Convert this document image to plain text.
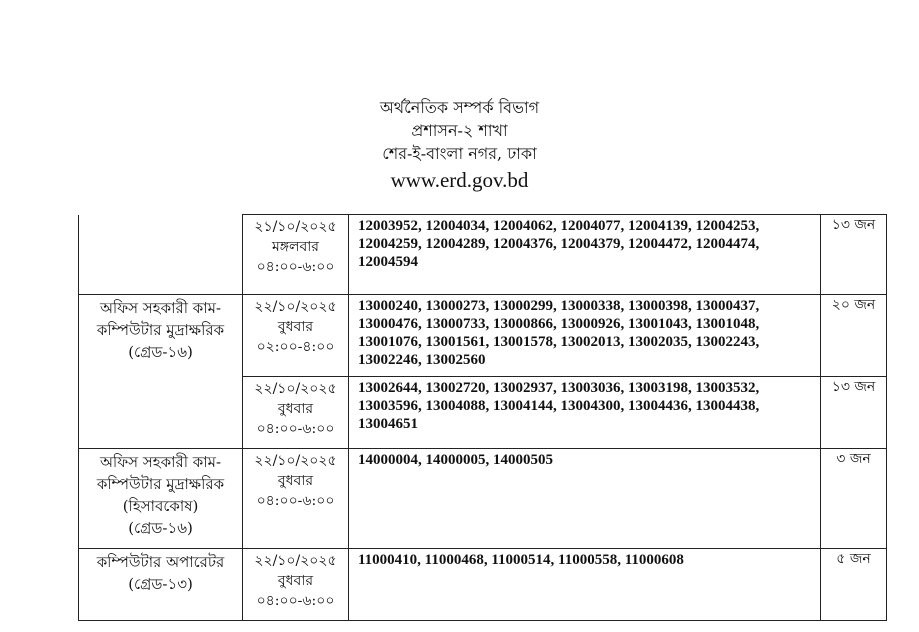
অর্থনৈতিক সম্পর্ক বিভাগ
প্রশাসন-২ শাখা
শের-ই-বাংলা নগর, ঢাকা
www.erd.gov.bd

	২১/১০/২০২৫
মঙ্গলবার
০৪:০০-৬:০০	12003952, 12004034, 12004062, 12004077, 12004139, 12004253, 12004259, 12004289, 12004376, 12004379, 12004472, 12004474, 12004594	১৩ জন

অফিস সহকারী কাম-
কম্পিউটার মুদ্রাক্ষরিক
(গ্রেড-১৬)	২২/১০/২০২৫
বুধবার
০২:০০-৪:০০	13000240, 13000273, 13000299, 13000338, 13000398, 13000437, 13000476, 13000733, 13000866, 13000926, 13001043, 13001048, 13001076, 13001561, 13001578, 13002013, 13002035, 13002243, 13002246, 13002560	২০ জন

	২২/১০/২০২৫
বুধবার
০৪:০০-৬:০০	13002644, 13002720, 13002937, 13003036, 13003198, 13003532, 13003596, 13004088, 13004144, 13004300, 13004436, 13004438, 13004651	১৩ জন

অফিস সহকারী কাম-
কম্পিউটার মুদ্রাক্ষরিক
(হিসাবকোষ)
(গ্রেড-১৬)	২২/১০/২০২৫
বুধবার
০৪:০০-৬:০০	14000004, 14000005, 14000505	৩ জন

কম্পিউটার অপারেটর
(গ্রেড-১৩)	২২/১০/২০২৫
বুধবার
০৪:০০-৬:০০	11000410, 11000468, 11000514, 11000558, 11000608	৫ জন
